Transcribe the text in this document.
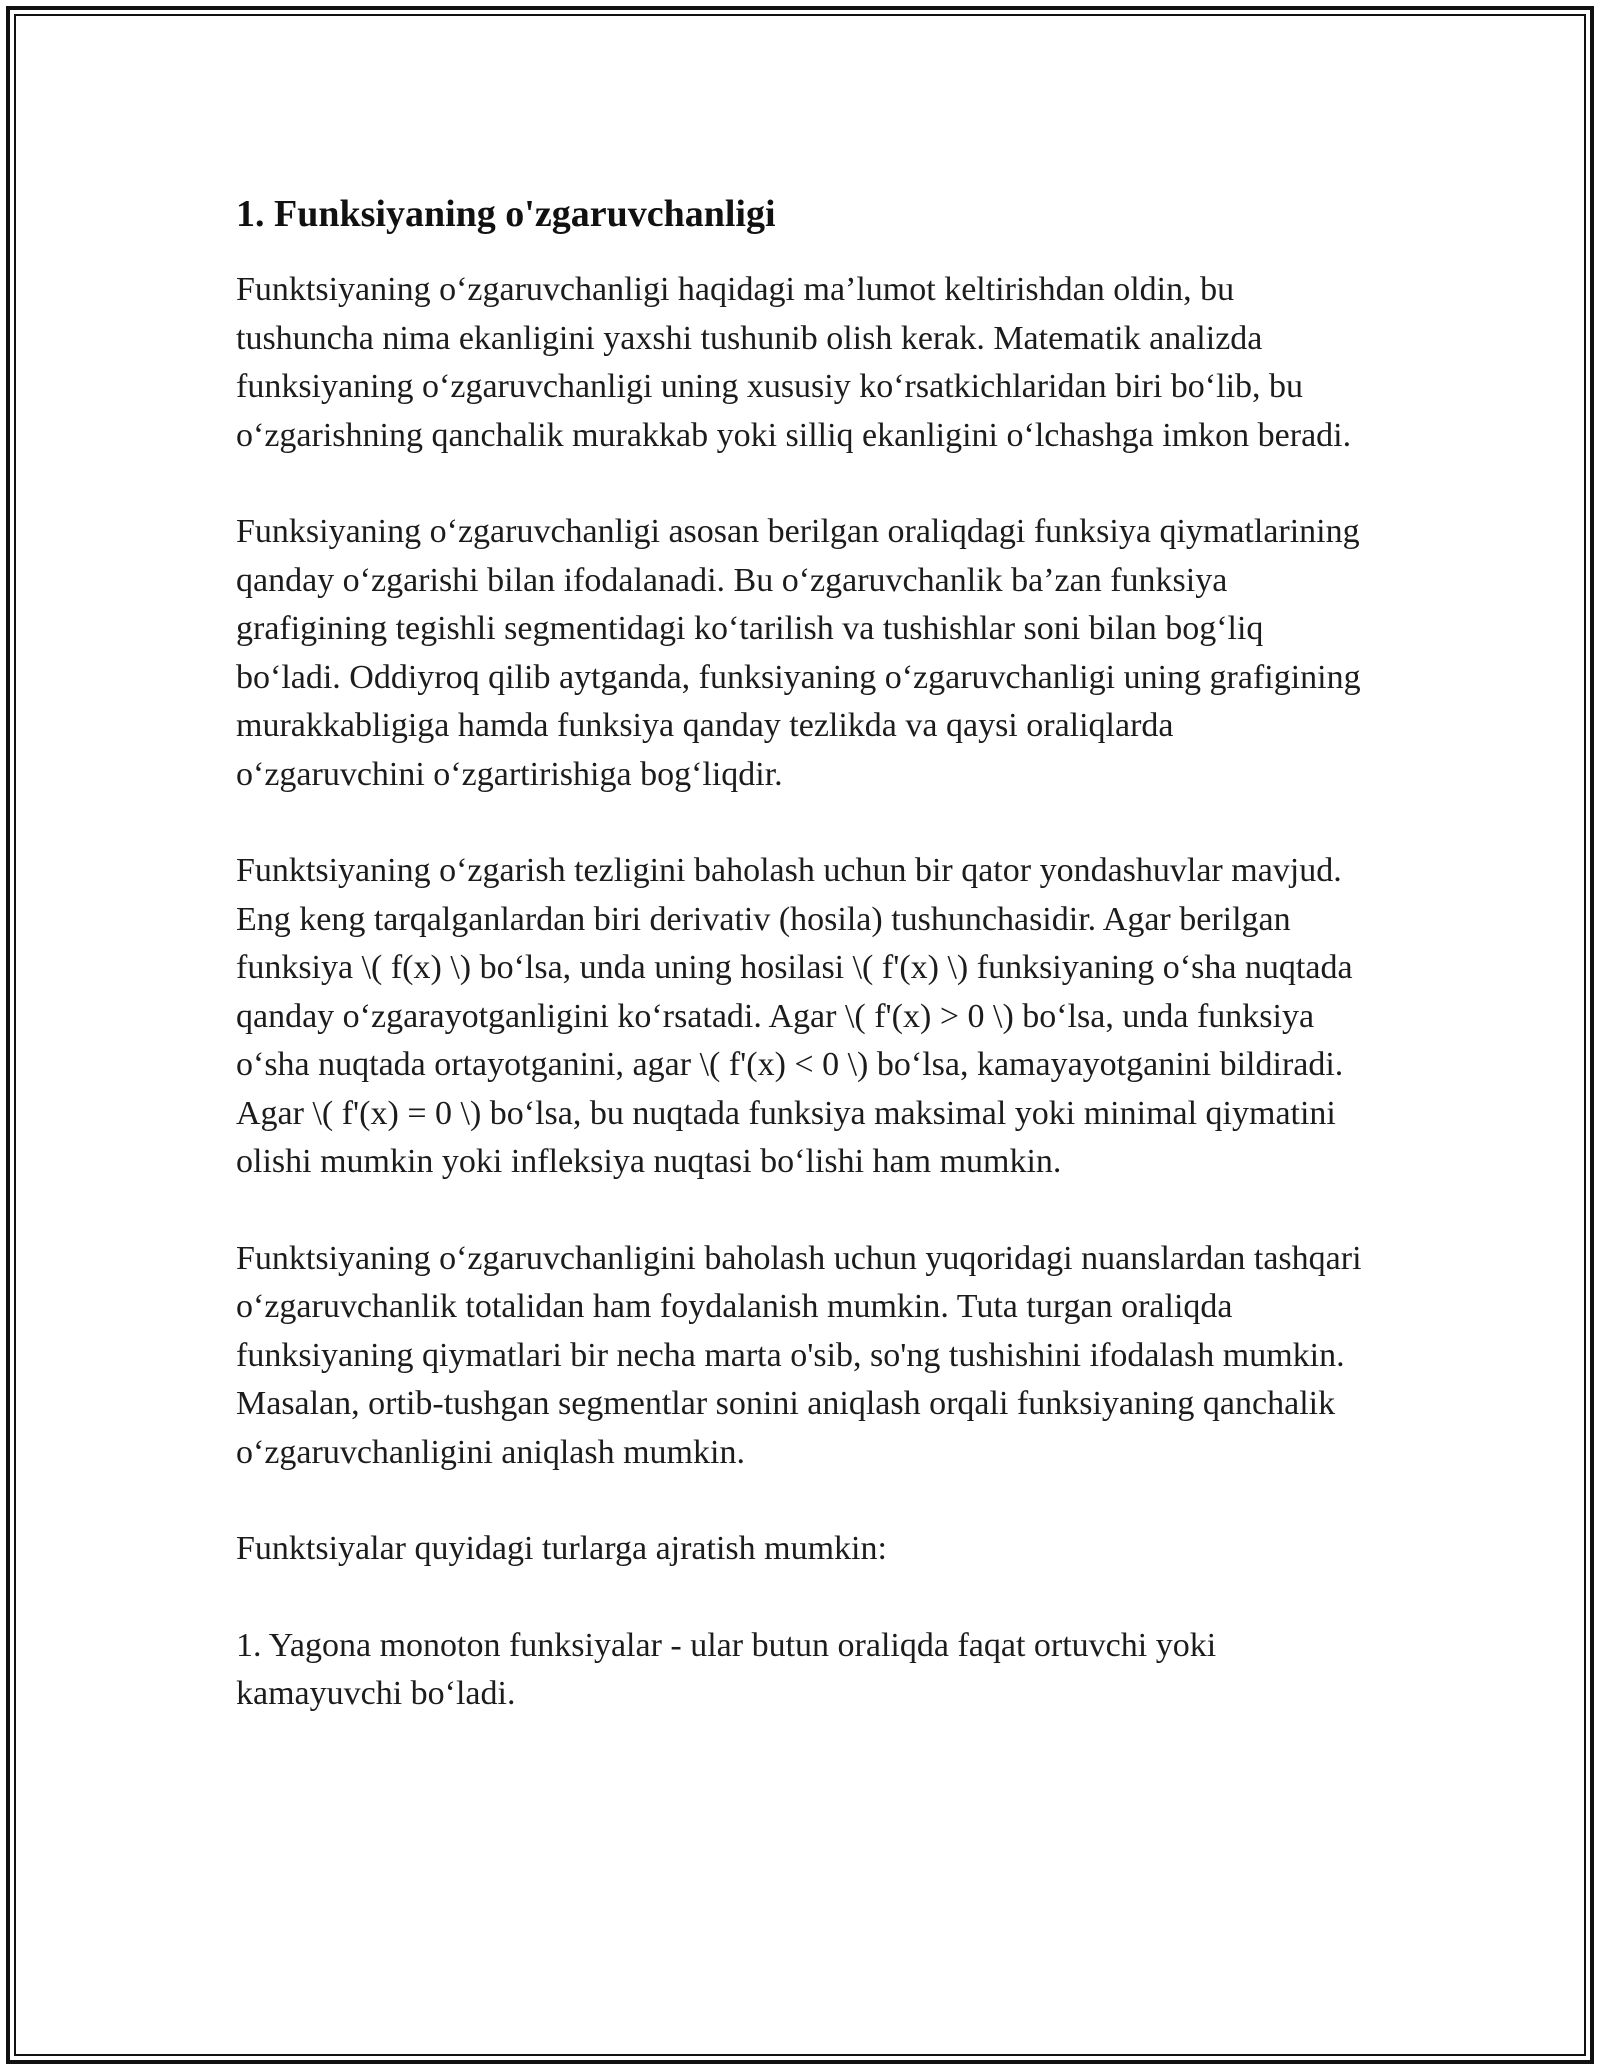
1. Funksiyaning o'zgaruvchanligi

Funktsiyaning o‘zgaruvchanligi haqidagi ma’lumot keltirishdan oldin, bu tushuncha nima ekanligini yaxshi tushunib olish kerak. Matematik analizda funksiyaning o‘zgaruvchanligi uning xususiy ko‘rsatkichlaridan biri bo‘lib, bu o‘zgarishning qanchalik murakkab yoki silliq ekanligini o‘lchashga imkon beradi.

Funksiyaning o‘zgaruvchanligi asosan berilgan oraliqdagi funksiya qiymatlarining qanday o‘zgarishi bilan ifodalanadi. Bu o‘zgaruvchanlik ba’zan funksiya grafigining tegishli segmentidagi ko‘tarilish va tushishlar soni bilan bog‘liq bo‘ladi. Oddiyroq qilib aytganda, funksiyaning o‘zgaruvchanligi uning grafigining murakkabligiga hamda funksiya qanday tezlikda va qaysi oraliqlarda o‘zgaruvchini o‘zgartirishiga bog‘liqdir.

Funktsiyaning o‘zgarish tezligini baholash uchun bir qator yondashuvlar mavjud. Eng keng tarqalganlardan biri derivativ (hosila) tushunchasidir. Agar berilgan funksiya \( f(x) \) bo‘lsa, unda uning hosilasi \( f'(x) \) funksiyaning o‘sha nuqtada qanday o‘zgarayotganligini ko‘rsatadi. Agar \( f'(x) > 0 \) bo‘lsa, unda funksiya o‘sha nuqtada ortayotganini, agar \( f'(x) < 0 \) bo‘lsa, kamayayotganini bildiradi. Agar \( f'(x) = 0 \) bo‘lsa, bu nuqtada funksiya maksimal yoki minimal qiymatini olishi mumkin yoki infleksiya nuqtasi bo‘lishi ham mumkin.

Funktsiyaning o‘zgaruvchanligini baholash uchun yuqoridagi nuanslardan tashqari o‘zgaruvchanlik totalidan ham foydalanish mumkin. Tuta turgan oraliqda funksiyaning qiymatlari bir necha marta o'sib, so'ng tushishini ifodalash mumkin. Masalan, ortib-tushgan segmentlar sonini aniqlash orqali funksiyaning qanchalik o‘zgaruvchanligini aniqlash mumkin.

Funktsiyalar quyidagi turlarga ajratish mumkin:

1. Yagona monoton funksiyalar - ular butun oraliqda faqat ortuvchi yoki kamayuvchi bo‘ladi.
